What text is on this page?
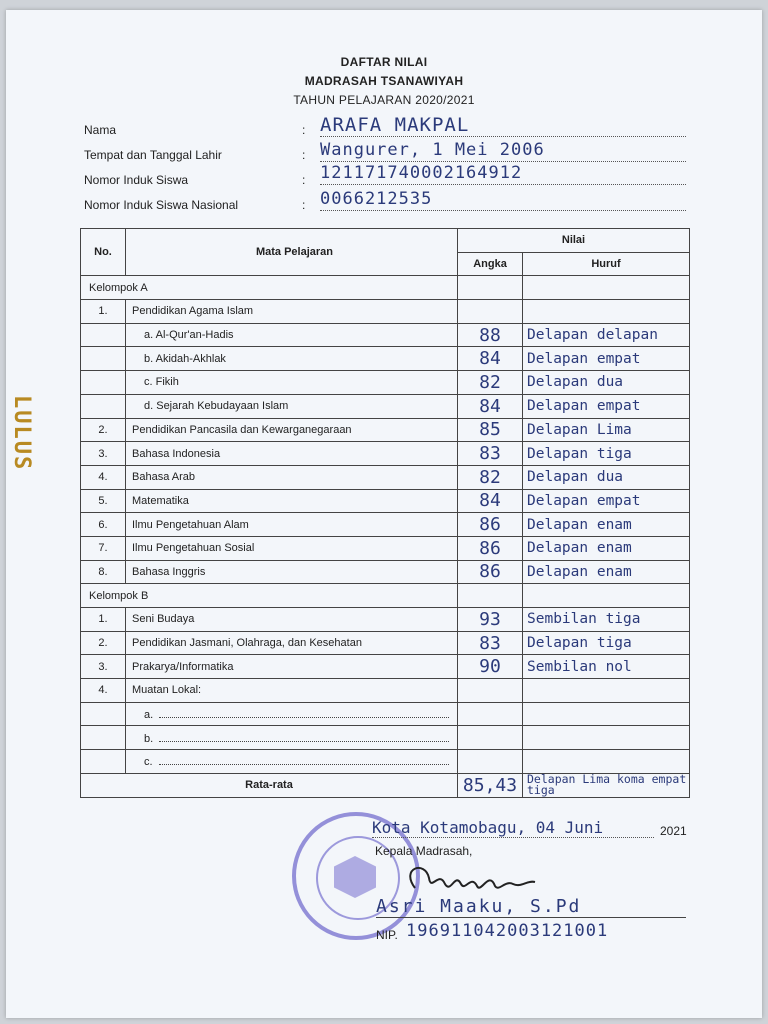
DAFTAR NILAI
MADRASAH TSANAWIYAH
TAHUN PELAJARAN 2020/2021
Nama	: ARAFA MAKPAL
Tempat dan Tanggal Lahir	: Wangurer, 1 Mei 2006
Nomor Induk Siswa	: 121171740002164912
Nomor Induk Siswa Nasional	: 0066212535
LULUS
No.	Mata Pelajaran	Nilai	
		Angka	Huruf
Kelompok A			
1.	Pendidikan Agama Islam		
	a. Al-Qur'an-Hadis	88	Delapan delapan
	b. Akidah-Akhlak	84	Delapan empat
	c. Fikih	82	Delapan dua
	d. Sejarah Kebudayaan Islam	84	Delapan empat
2.	Pendidikan Pancasila dan Kewarganegaraan	85	Delapan Lima
3.	Bahasa Indonesia	83	Delapan tiga
4.	Bahasa Arab	82	Delapan dua
5.	Matematika	84	Delapan empat
6.	Ilmu Pengetahuan Alam	86	Delapan enam
7.	Ilmu Pengetahuan Sosial	86	Delapan enam
8.	Bahasa Inggris	86	Delapan enam
Kelompok B			
1.	Seni Budaya	93	Sembilan tiga
2.	Pendidikan Jasmani, Olahraga, dan Kesehatan	83	Delapan tiga
3.	Prakarya/Informatika	90	Sembilan nol
4.	Muatan Lokal:		
	a.		
	b.		
	c.		
Rata-rata		85,43	Delapan Lima koma empat tiga
Kota Kotamobagu, 04 Juni	2021
Kepala Madrasah,
Asri Maaku, S.Pd
NIP. 196911042003121001
